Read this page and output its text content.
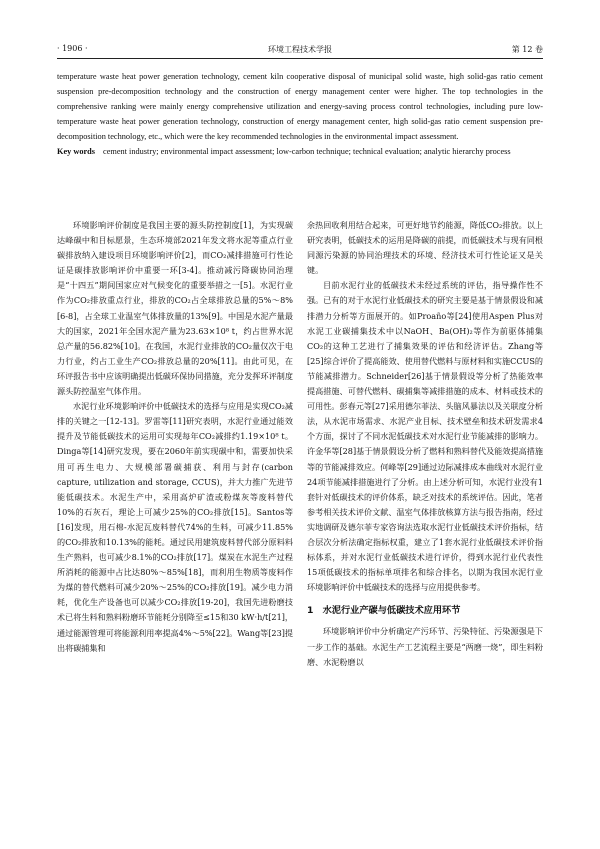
· 1906 ·	环境工程技术学报	第 12 卷

temperature waste heat power generation technology, cement kiln cooperative disposal of municipal solid waste, high solid-gas ratio cement suspension pre-decomposition technology and the construction of energy management center were higher. The top technologies in the comprehensive ranking were mainly energy comprehensive utilization and energy-saving process control technologies, including pure low-temperature waste heat power generation technology, construction of energy management center, high solid-gas ratio cement suspension pre-decomposition technology, etc., which were the key recommended technologies in the environmental impact assessment.

Key words cement industry; environmental impact assessment; low-carbon technique; technical evaluation; analytic hierarchy process

环境影响评价制度是我国主要的源头防控制度[1]，为实现碳达峰碳中和目标愿景，生态环境部2021年发文将水泥等重点行业碳排放纳入建设项目环境影响评价[2]，而CO₂减排措施可行性论证是碳排放影响评价中重要一环[3-4]。推动减污降碳协同治理是“十四五”期间国家应对气候变化的重要举措之一[5]。水泥行业作为CO₂排放重点行业，排放的CO₂占全球排放总量的5%～8%[6-8]，占全球工业温室气体排放量的13%[9]。中国是水泥产量最大的国家，2021年全国水泥产量为23.63×10⁸ t，约占世界水泥总产量的56.82%[10]。在我国，水泥行业排放的CO₂量仅次于电力行业，约占工业生产CO₂排放总量的20%[11]。由此可见，在环评报告书中应该明确提出低碳环保协同措施，充分发挥环评制度源头防控温室气体作用。

水泥行业环境影响评价中低碳技术的选择与应用是实现CO₂减排的关键之一[12-13]。罗雷等[11]研究表明，水泥行业通过能效提升及节能低碳技术的运用可实现每年CO₂减排约1.19×10⁸ t。Dinga等[14]研究发现，要在2060年前实现碳中和，需要加快采用可再生电力、大规模部署碳捕获、利用与封存(carbon capture, utilization and storage, CCUS)，并大力推广先进节能低碳技术。水泥生产中，采用高炉矿渣或粉煤灰等废料替代10%的石灰石，理论上可减少25%的CO₂排放[15]。Santos等[16]发现，用石棉-水泥瓦废料替代74%的生料，可减少11.85%的CO₂排放和10.13%的能耗。通过民用建筑废料替代部分原料料生产熟料，也可减少8.1%的CO₂排放[17]。煤炭在水泥生产过程所消耗的能源中占比达80%～85%[18]，而利用生物质等废料作为煤的替代燃料可减少20%～25%的CO₂排放[19]。减少电力消耗，优化生产设备也可以减少CO₂排放[19-20]，我国先进粉磨技术已将生料和熟料粉磨环节能耗分别降至≤15和30 kW·h/t[21]，通过能源管理可将能源利用率提高4%～5%[22]。Wang等[23]提出将碳捕集和

余热回收利用结合起来，可更好地节约能源，降低CO₂排放。以上研究表明，低碳技术的运用是降碳的前提，而低碳技术与现有同根同源污染源的协同治理技术的环境、经济技术可行性论证又是关键。

目前水泥行业的低碳技术未经过系统的评估，指导操作性不强。已有的对于水泥行业低碳技术的研究主要是基于情景假设和减排潜力分析等方面展开的。如Proaño等[24]使用Aspen Plus对水泥工业碳捕集技术中以NaOH、Ba(OH)₂等作为前驱体捕集CO₂的这种工艺进行了捕集效果的评估和经济评估。Zhang等[25]综合评价了提高能效、使用替代燃料与原材料和实施CCUS的节能减排潜力。Schneider[26]基于情景假设等分析了热能效率提高措施、可替代燃料、碳捕集等减排措施的成本、材料或技术的可用性。彭春元等[27]采用德尔菲法、头脑风暴法以及关联度分析法，从水泥市场需求、水泥产业目标、技术壁垒和技术研发需求4个方面，探讨了不同水泥低碳技术对水泥行业节能减排的影响力。许金华等[28]基于情景假设分析了燃料和熟料替代及能效提高措施等的节能减排效应。何峰等[29]通过边际减排成本曲线对水泥行业24项节能减排措施进行了分析。由上述分析可知，水泥行业没有1套针对低碳技术的评价体系，缺乏对技术的系统评估。因此，笔者参考相关技术评价文献、温室气体排放核算方法与报告指南，经过实地调研及德尔菲专家咨询法选取水泥行业低碳技术评价指标，结合层次分析法确定指标权重，建立了1套水泥行业低碳技术评价指标体系，并对水泥行业低碳技术进行评价，得到水泥行业代表性15项低碳技术的指标单项排名和综合排名，以期为我国水泥行业环境影响评价中低碳技术的选择与应用提供参考。

1　水泥行业产碳与低碳技术应用环节

环境影响评价中分析确定产污环节、污染特征、污染源强是下一步工作的基础。水泥生产工艺流程主要是“两磨一烧”，即生料粉磨、水泥粉磨以
